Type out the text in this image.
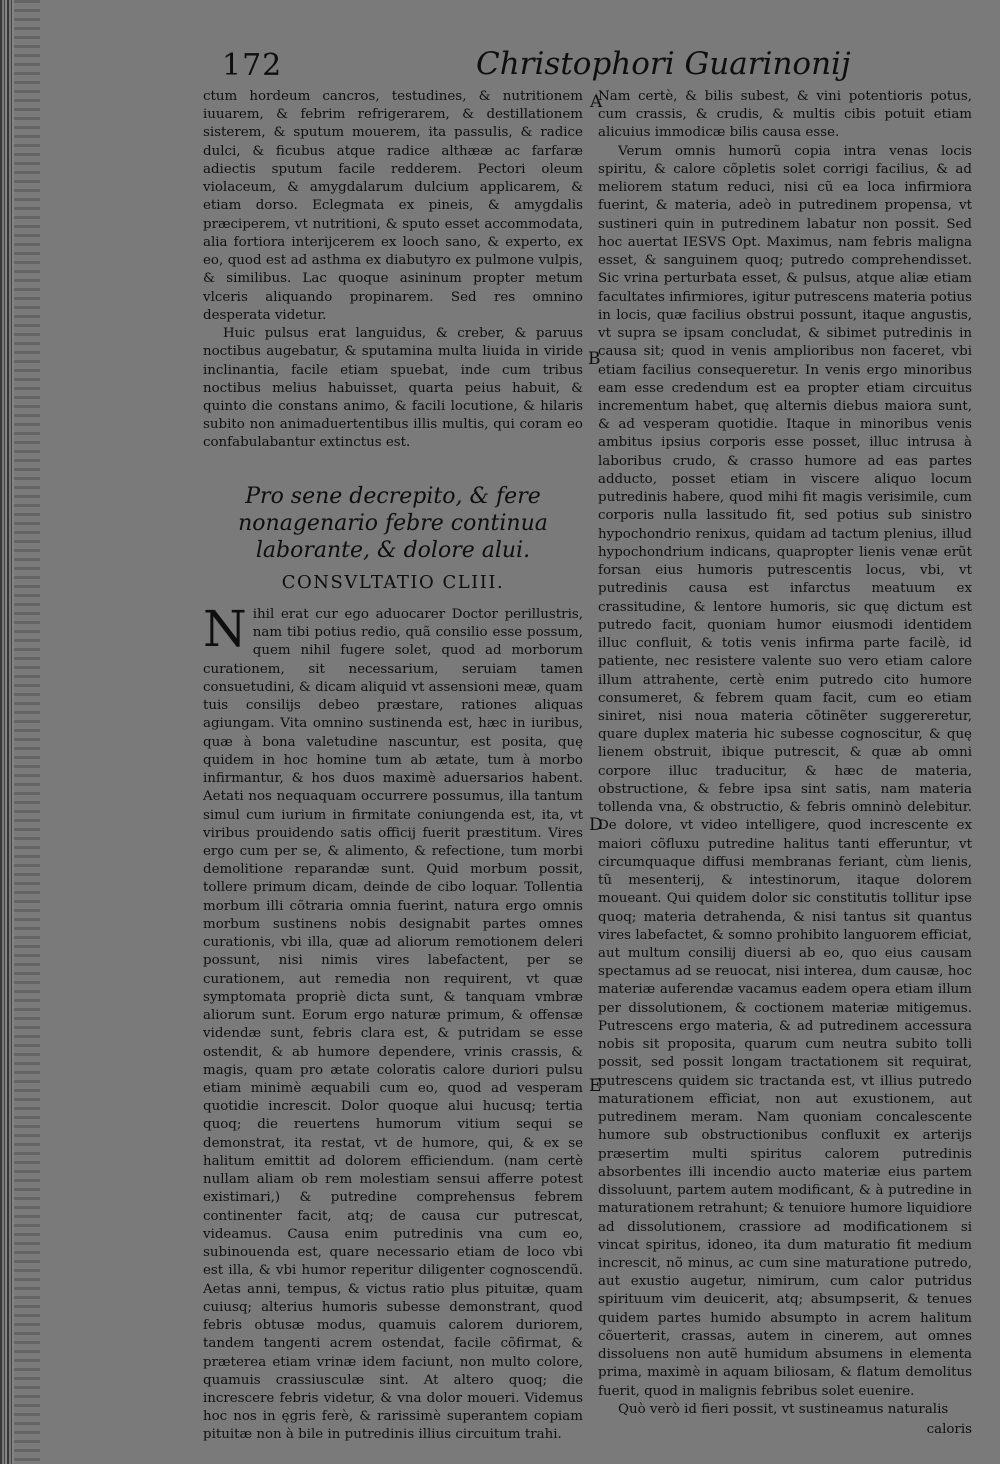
172	Christophori Guarinonij
A
B
D
E

ctum hordeum cancros, testudines, & nutritionem iuuarem, & febrim refrigerarem, & destillationem sisterem, & sputum mouerem, ita passulis, & radice dulci, & ficubus atque radice althææ ac farfaræ adiectis sputum facile redderem. Pectori oleum violaceum, & amygdalarum dulcium applicarem, & etiam dorso. Eclegmata ex pineis, & amygdalis præciperem, vt nutritioni, & sputo esset accommodata, alia fortiora interijcerem ex looch sano, & experto, ex eo, quod est ad asthma ex diabutyro ex pulmone vulpis, & similibus. Lac quoque asininum propter metum vlceris aliquando propinarem. Sed res omnino desperata videtur.

Huic pulsus erat languidus, & creber, & paruus noctibus augebatur, & sputamina multa liuida in viride inclinantia, facile etiam spuebat, inde cum tribus noctibus melius habuisset, quarta peius habuit, & quinto die constans animo, & facili locutione, & hilaris subito non animaduertentibus illis multis, qui coram eo confabulabantur extinctus est.

Pro sene decrepito, & fere nonagenario febre continua laborante, & dolore alui.
CONSVLTATIO CLIII.

Nihil erat cur ego aduocarer Doctor perillustris, nam tibi potius redio, quã consilio esse possum, quem nihil fugere solet, quod ad morborum curationem, sit necessarium, seruiam tamen consuetudini, & dicam aliquid vt assensioni meæ, quam tuis consilijs debeo præstare, rationes aliquas agiungam. Vita omnino sustinenda est, hæc in iuribus, quæ à bona valetudine nascuntur, est posita, quę quidem in hoc homine tum ab ætate, tum à morbo infirmantur, & hos duos maximè aduersarios habent. Aetati nos nequaquam occurrere possumus, illa tantum simul cum iurium in firmitate coniungenda est, ita, vt viribus prouidendo satis officij fuerit præstitum. Vires ergo cum per se, & alimento, & refectione, tum morbi demolitione reparandæ sunt. Quid morbum possit, tollere primum dicam, deinde de cibo loquar. Tollentia morbum illi cõtraria omnia fuerint, natura ergo omnis morbum sustinens nobis designabit partes omnes curationis, vbi illa, quæ ad aliorum remotionem deleri possunt, nisi nimis vires labefactent, per se curationem, aut remedia non requirent, vt quæ symptomata propriè dicta sunt, & tanquam vmbræ aliorum sunt. Eorum ergo naturæ primum, & offensæ videndæ sunt, febris clara est, & putridam se esse ostendit, & ab humore dependere, vrinis crassis, & magis, quam pro ætate coloratis calore duriori pulsu etiam minimè æquabili cum eo, quod ad vesperam quotidie increscit. Dolor quoque alui hucusq; tertia quoq; die reuertens humorum vitium sequi se demonstrat, ita restat, vt de humore, qui, & ex se halitum emittit ad dolorem efficiendum. (nam certè nullam aliam ob rem molestiam sensui afferre potest existimari,) & putredine comprehensus febrem continenter facit, atq; de causa cur putrescat, videamus. Causa enim putredinis vna cum eo, subinouenda est, quare necessario etiam de loco vbi est illa, & vbi humor reperitur diligenter cognoscendũ. Aetas anni, tempus, & victus ratio plus pituitæ, quam cuiusq; alterius humoris subesse demonstrant, quod febris obtusæ modus, quamuis calorem duriorem, tandem tangenti acrem ostendat, facile cõfirmat, & præterea etiam vrinæ idem faciunt, non multo colore, quamuis crassiusculæ sint. At altero quoq; die increscere febris videtur, & vna dolor moueri. Videmus hoc nos in ęgris ferè, & rarissimè superantem copiam pituitæ non à bile in putredinis illius circuitum trahi.

Nam certè, & bilis subest, & vini potentioris potus, cum crassis, & crudis, & multis cibis potuit etiam alicuius immodicæ bilis causa esse.

Verum omnis humorũ copia intra venas locis spiritu, & calore cõpletis solet corrigi facilius, & ad meliorem statum reduci, nisi cũ ea loca infirmiora fuerint, & materia, adeò in putredinem propensa, vt sustineri quin in putredinem labatur non possit. Sed hoc auertat IESVS Opt. Maximus, nam febris maligna esset, & sanguinem quoq; putredo comprehendisset. Sic vrina perturbata esset, & pulsus, atque aliæ etiam facultates infirmiores, igitur putrescens materia potius in locis, quæ facilius obstrui possunt, itaque angustis, vt supra se ipsam concludat, & sibimet putredinis in causa sit; quod in venis amplioribus non faceret, vbi etiam facilius consequeretur. In venis ergo minoribus eam esse credendum est ea propter etiam circuitus incrementum habet, quę alternis diebus maiora sunt, & ad vesperam quotidie. Itaque in minoribus venis ambitus ipsius corporis esse posset, illuc intrusa à laboribus crudo, & crasso humore ad eas partes adducto, posset etiam in viscere aliquo locum putredinis habere, quod mihi fit magis verisimile, cum corporis nulla lassitudo fit, sed potius sub sinistro hypochondrio renixus, quidam ad tactum plenius, illud hypochondrium indicans, quapropter lienis venæ erũt forsan eius humoris putrescentis locus, vbi, vt putredinis causa est infarctus meatuum ex crassitudine, & lentore humoris, sic quę dictum est putredo facit, quoniam humor eiusmodi identidem illuc confluit, & totis venis infirma parte facilè, id patiente, nec resistere valente suo vero etiam calore illum attrahente, certè enim putredo cito humore consumeret, & febrem quam facit, cum eo etiam siniret, nisi noua materia cõtinẽter suggereretur, quare duplex materia hic subesse cognoscitur, & quę lienem obstruit, ibique putrescit, & quæ ab omni corpore illuc traducitur, & hæc de materia, obstructione, & febre ipsa sint satis, nam materia tollenda vna, & obstructio, & febris omninò delebitur. De dolore, vt video intelligere, quod increscente ex maiori cõfluxu putredine halitus tanti efferuntur, vt circumquaque diffusi membranas feriant, cùm lienis, tũ mesenterij, & intestinorum, itaque dolorem moueant. Qui quidem dolor sic constitutis tollitur ipse quoq; materia detrahenda, & nisi tantus sit quantus vires labefactet, & somno prohibito languorem efficiat, aut multum consilij diuersi ab eo, quo eius causam spectamus ad se reuocat, nisi interea, dum causæ, hoc materiæ auferendæ vacamus eadem opera etiam illum per dissolutionem, & coctionem materiæ mitigemus. Putrescens ergo materia, & ad putredinem accessura nobis sit proposita, quarum cum neutra subito tolli possit, sed possit longam tractationem sit requirat, putrescens quidem sic tractanda est, vt illius putredo maturationem efficiat, non aut exustionem, aut putredinem meram. Nam quoniam concalescente humore sub obstructionibus confluxit ex arterijs præsertim multi spiritus calorem putredinis absorbentes illi incendio aucto materiæ eius partem dissoluunt, partem autem modificant, & à putredine in maturationem retrahunt; & tenuiore humore liquidiore ad dissolutionem, crassiore ad modificationem si vincat spiritus, idoneo, ita dum maturatio fit medium increscit, nõ minus, ac cum sine maturatione putredo, aut exustio augetur, nimirum, cum calor putridus spirituum vim deuicerit, atq; absumpserit, & tenues quidem partes humido absumpto in acrem halitum cõuerterit, crassas, autem in cinerem, aut omnes dissoluens non autẽ humidum absumens in elementa prima, maximè in aquam biliosam, & flatum demolitus fuerit, quod in malignis febribus solet euenire.

Quò verò id fieri possit, vt sustineamus naturalis

caloris
